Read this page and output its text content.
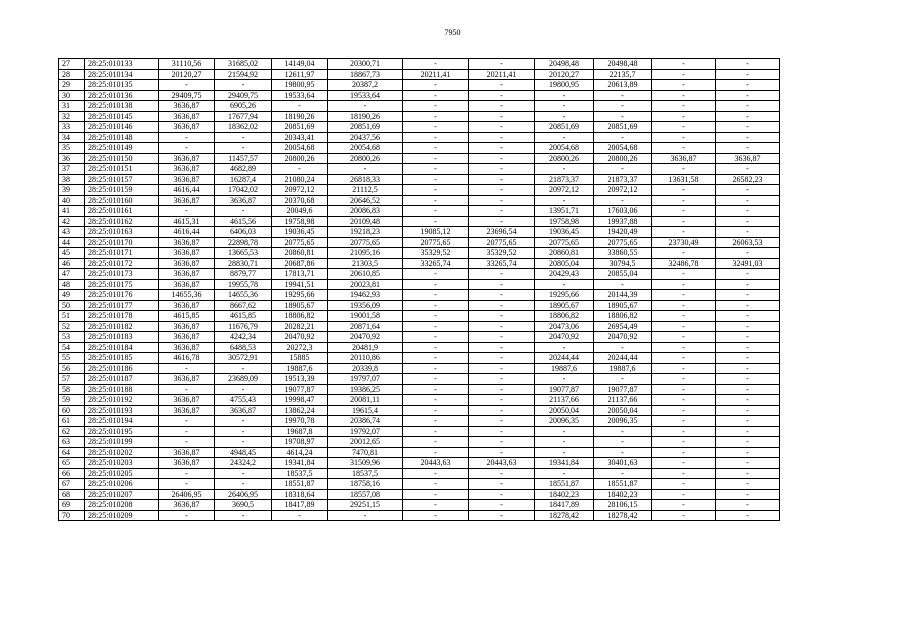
7950
27	28:25:010133	31110,56	31685,02	14149,04	20300,71	-	-	20498,48	20498,48	-	-
28	28:25:010134	20120,27	21594,92	12611,97	18867,73	20211,41	20211,41	20120,27	22135,7	-	-
29	28:25:010135	-	-	19800,95	20387,2	-	-	19800,95	20613,89	-	-
30	28:25:010136	29409,75	29409,75	19533,64	19533,64	-	-	-	-	-	-
31	28:25:010138	3636,87	6905,26	-	-	-	-	-	-	-	-
32	28:25:010145	3636,87	17677,94	18190,26	18190,26	-	-	-	-	-	-
33	28:25:010146	3636,87	18362,02	20851,69	20851,69	-	-	20851,69	20851,69	-	-
34	28:25:010148	-	-	20343,41	20437,56	-	-	-	-	-	-
35	28:25:010149	-	-	20054,68	20054,68	-	-	20054,68	20054,68	-	-
36	28:25:010150	3636,87	11457,57	20800,26	20800,26	-	-	20800,26	20800,26	3636,87	3636,87
37	28:25:010151	3636,87	4682,89	-	-	-	-	-	-	-	-
38	28:25:010157	3636,87	16287,4	21080,24	26818,33	-	-	21873,37	21873,37	13631,58	26582,23
39	28:25:010159	4616,44	17042,02	20972,12	21112,5	-	-	20972,12	20972,12	-	-
40	28:25:010160	3636,87	3636,87	20370,68	20646,52	-	-	-	-	-	-
41	28:25:010161	-	-	20049,6	20086,83	-	-	13951,71	17603,06	-	-
42	28:25:010162	4615,31	4615,56	19758,98	20109,48	-	-	19758,98	19937,88	-	-
43	28:25:010163	4616,44	6406,03	19036,45	19218,23	19085,12	23696,54	19036,45	19420,49	-	-
44	28:25:010170	3636,87	22898,78	20775,65	20775,65	20775,65	20775,65	20775,65	20775,65	23730,49	26063,53
45	28:25:010171	3636,87	13665,53	20860,81	21095,16	35329,52	35329,52	20860,81	33860,55	-	-
46	28:25:010172	3636,87	28830,71	20687,86	21303,5	33265,74	33265,74	20805,04	30794,5	32486,78	32491,03
47	28:25:010173	3636,87	8879,77	17813,71	20610,85	-	-	20429,43	20855,04	-	-
48	28:25:010175	3636,87	19955,78	19941,51	20023,81	-	-	-	-	-	-
49	28:25:010176	14655,36	14655,36	19295,66	19462,93	-	-	19295,66	20144,39	-	-
50	28:25:010177	3636,87	8667,62	18905,67	19356,09	-	-	18905,67	18905,67	-	-
51	28:25:010178	4615,85	4615,85	18806,82	19001,58	-	-	18806,82	18806,82	-	-
52	28:25:010182	3636,87	11676,79	20282,21	20871,64	-	-	20473,06	26954,49	-	-
53	28:25:010183	3636,87	4242,34	20470,92	20470,92	-	-	20470,92	20470,92	-	-
54	28:25:010184	3636,87	6488,53	20272,3	20481,9	-	-	-	-	-	-
55	28:25:010185	4616,78	30572,91	15885	20110,86	-	-	20244,44	20244,44	-	-
56	28:25:010186	-	-	19887,6	20339,8	-	-	19887,6	19887,6	-	-
57	28:25:010187	3636,87	23689,09	19513,39	19797,07	-	-	-	-	-	-
58	28:25:010188	-	-	19077,87	19386,25	-	-	19077,87	19077,87	-	-
59	28:25:010192	3636,87	4755,43	19998,47	20081,11	-	-	21137,66	21137,66	-	-
60	28:25:010193	3636,87	3636,87	13862,24	19615,4	-	-	20050,04	20050,04	-	-
61	28:25:010194	-	-	19970,78	20386,74	-	-	20096,35	20096,35	-	-
62	28:25:010195	-	-	19687,8	19792,07	-	-	-	-	-	-
63	28:25:010199	-	-	19708,97	20012,65	-	-	-	-	-	-
64	28:25:010202	3636,87	4948,45	4614,24	7470,81	-	-	-	-	-	-
65	28:25:010203	3636,87	24324,2	19341,84	31509,96	20443,63	20443,63	19341,84	30401,63	-	-
66	28:25:010205	-	-	18537,5	18537,5	-	-	-	-	-	-
67	28:25:010206	-	-	18551,87	18758,16	-	-	18551,87	18551,87	-	-
68	28:25:010207	26406,95	26406,95	18318,64	18557,08	-	-	18402,23	18402,23	-	-
69	28:25:010208	3636,87	3690,5	18417,89	29251,15	-	-	18417,89	28106,15	-	-
70	28:25:010209	-	-	-	-	-	-	18278,42	18278,42	-	-
